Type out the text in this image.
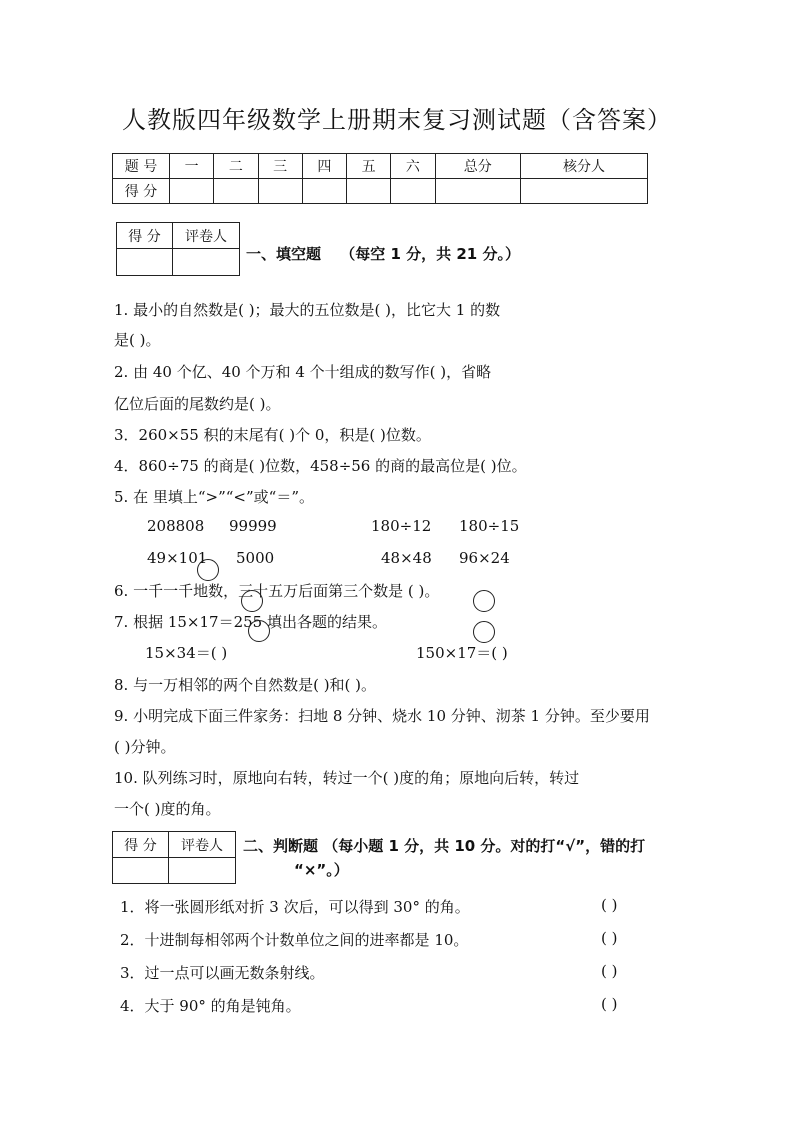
人教版四年级数学上册期末复习测试题（含答案）
题 号	一	二	三	四	五	六	总分	核分人
得 分								
得 分	评卷人

一、填空题 （每空 1 分，共 21 分。）
1. 最小的自然数是( )；最大的五位数是( )，比它大 1 的数
是( )。
2. 由 40 个亿、40 个万和 4 个十组成的数写作( )，省略
亿位后面的尾数约是( )。
3．260×55 积的末尾有( )个 0，积是( )位数。
4．860÷75 的商是( )位数，458÷56 的商的最高位是( )位。
5. 在 里填上“>”“<”或“＝”。
208808 99999	180÷12 180÷15
49×101 5000	48×48 96×24
6. 一千一千地数，三十五万后面第三个数是 ( )。
7. 根据 15×17＝255 填出各题的结果。
15×34＝( )	150×17＝( )
8. 与一万相邻的两个自然数是( )和( )。
9. 小明完成下面三件家务：扫地 8 分钟、烧水 10 分钟、沏茶 1 分钟。至少要用
( )分钟。
10. 队列练习时，原地向右转，转过一个( )度的角；原地向后转，转过
一个( )度的角。
得 分	评卷人
	二、判断题 （每小题 1 分，共 10 分。对的打“√”，错的打
“×”。）
1．将一张圆形纸对折 3 次后，可以得到 30° 的角。	( )
2．十进制每相邻两个计数单位之间的进率都是 10。	( )
3．过一点可以画无数条射线。	( )
4．大于 90° 的角是钝角。	( )
